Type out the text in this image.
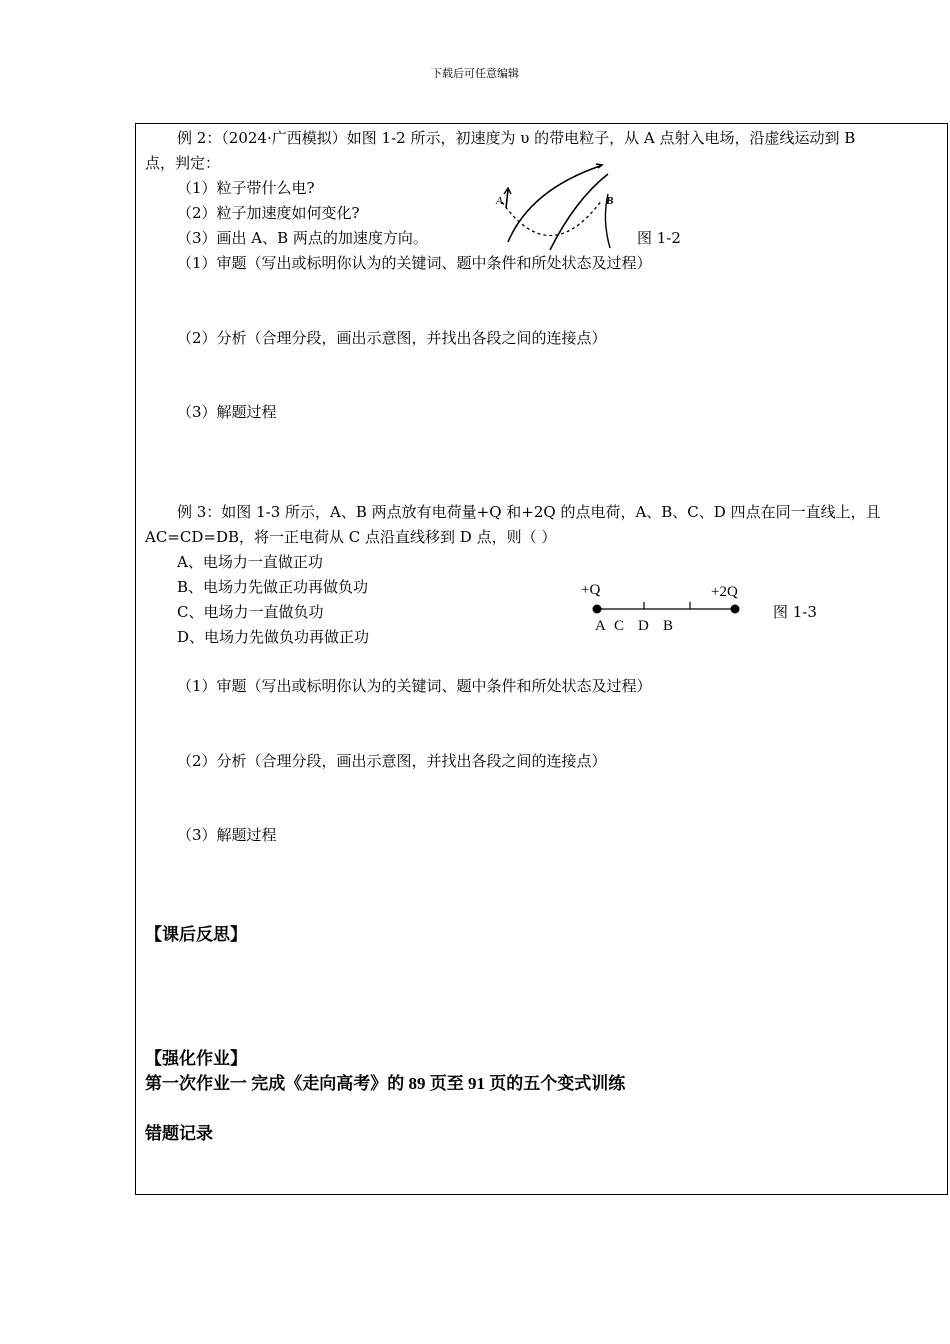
下载后可任意编辑
例 2：（2024·广西模拟）如图 1-2 所示，初速度为 υ 的带电粒子，从 A 点射入电场，沿虚线运动到 B
点，判定：
（1）粒子带什么电?
（2）粒子加速度如何变化?
（3）画出 A、B 两点的加速度方向。
A	B
图 1-2
（1）审题（写出或标明你认为的关键词、题中条件和所处状态及过程）
（2）分析（合理分段，画出示意图，并找出各段之间的连接点）
（3）解题过程
例 3：如图 1-3 所示，A、B 两点放有电荷量+Q 和+2Q 的点电荷，A、B、C、D 四点在同一直线上，且
AC=CD=DB，将一正电荷从 C 点沿直线移到 D 点，则（ ）
A、电场力一直做正功
B、电场力先做正功再做负功
C、电场力一直做负功
D、电场力先做负功再做正功
+Q	+2Q
A C D B
图 1-3
（1）审题（写出或标明你认为的关键词、题中条件和所处状态及过程）
（2）分析（合理分段，画出示意图，并找出各段之间的连接点）
（3）解题过程
【课后反思】
【强化作业】
第一次作业一 完成《走向高考》的 89 页至 91 页的五个变式训练
错题记录
